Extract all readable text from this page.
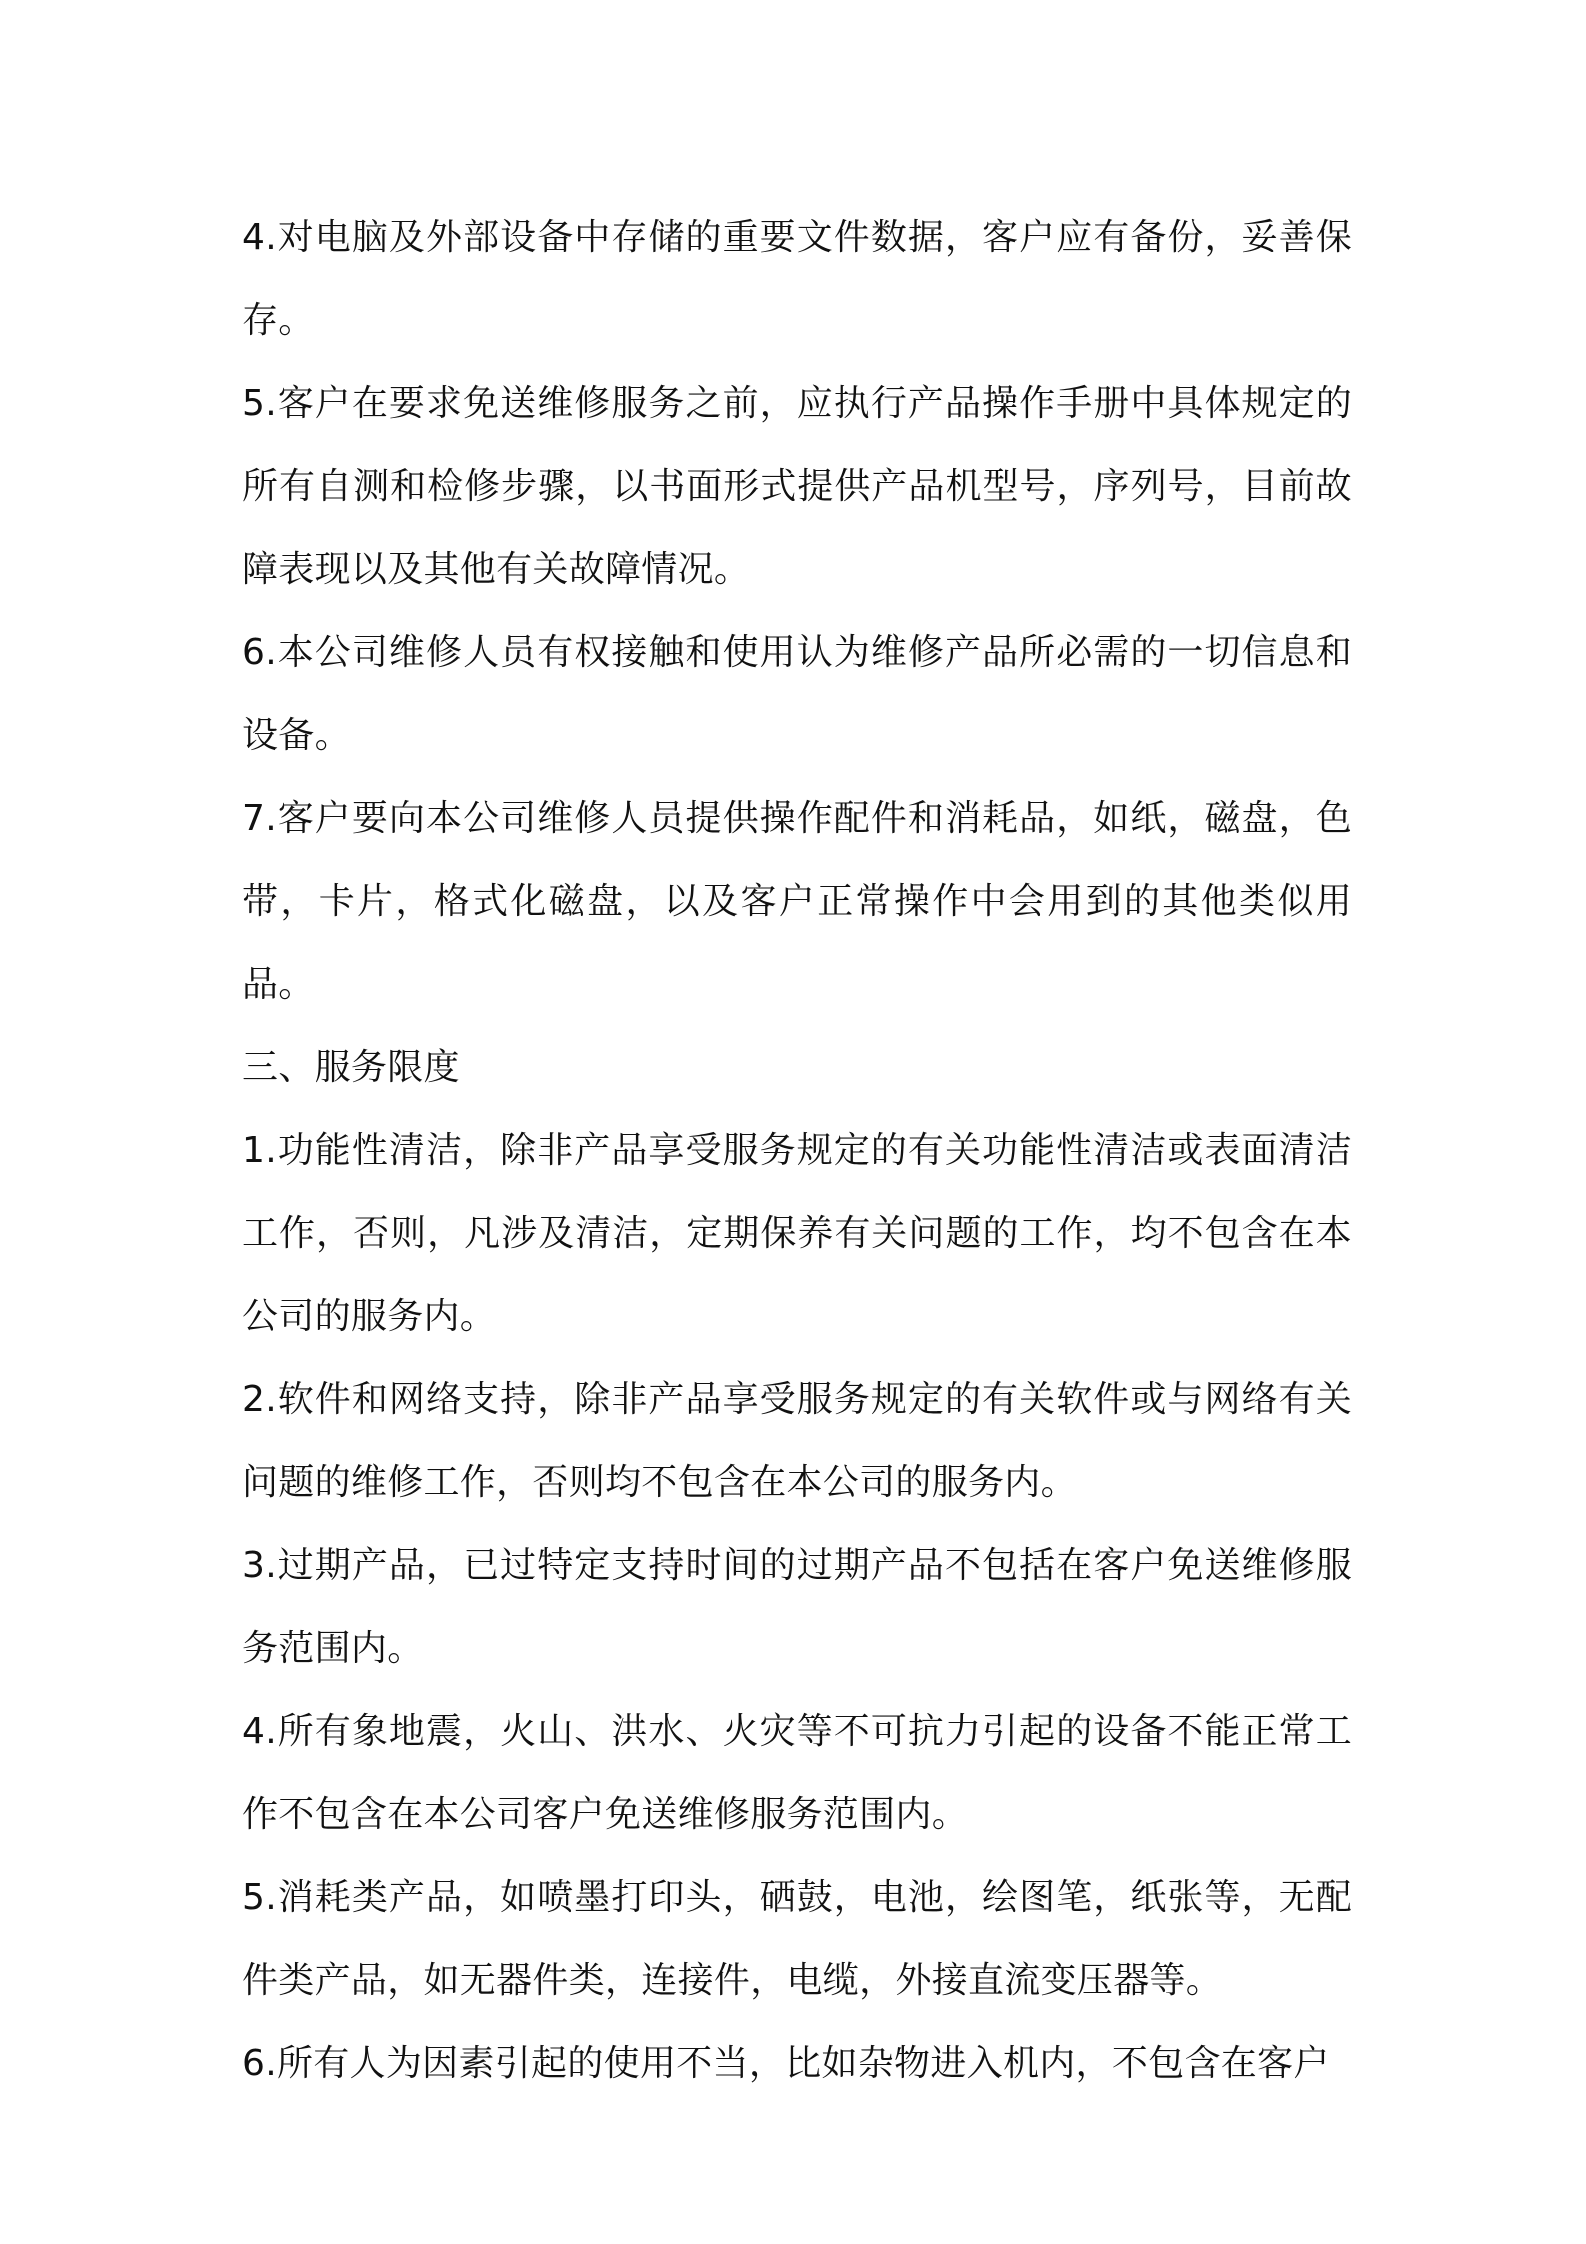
4.对电脑及外部设备中存储的重要文件数据，客户应有备份，妥善保存。

5.客户在要求免送维修服务之前，应执行产品操作手册中具体规定的所有自测和检修步骤，以书面形式提供产品机型号，序列号，目前故障表现以及其他有关故障情况。

6.本公司维修人员有权接触和使用认为维修产品所必需的一切信息和设备。

7.客户要向本公司维修人员提供操作配件和消耗品，如纸，磁盘，色带，卡片，格式化磁盘，以及客户正常操作中会用到的其他类似用品。

三、服务限度

1.功能性清洁，除非产品享受服务规定的有关功能性清洁或表面清洁工作，否则，凡涉及清洁，定期保养有关问题的工作，均不包含在本公司的服务内。

2.软件和网络支持，除非产品享受服务规定的有关软件或与网络有关问题的维修工作，否则均不包含在本公司的服务内。

3.过期产品，已过特定支持时间的过期产品不包括在客户免送维修服务范围内。

4.所有象地震，火山、洪水、火灾等不可抗力引起的设备不能正常工作不包含在本公司客户免送维修服务范围内。

5.消耗类产品，如喷墨打印头，硒鼓，电池，绘图笔，纸张等，无配件类产品，如无器件类，连接件，电缆，外接直流变压器等。

6.所有人为因素引起的使用不当，比如杂物进入机内，不包含在客户
